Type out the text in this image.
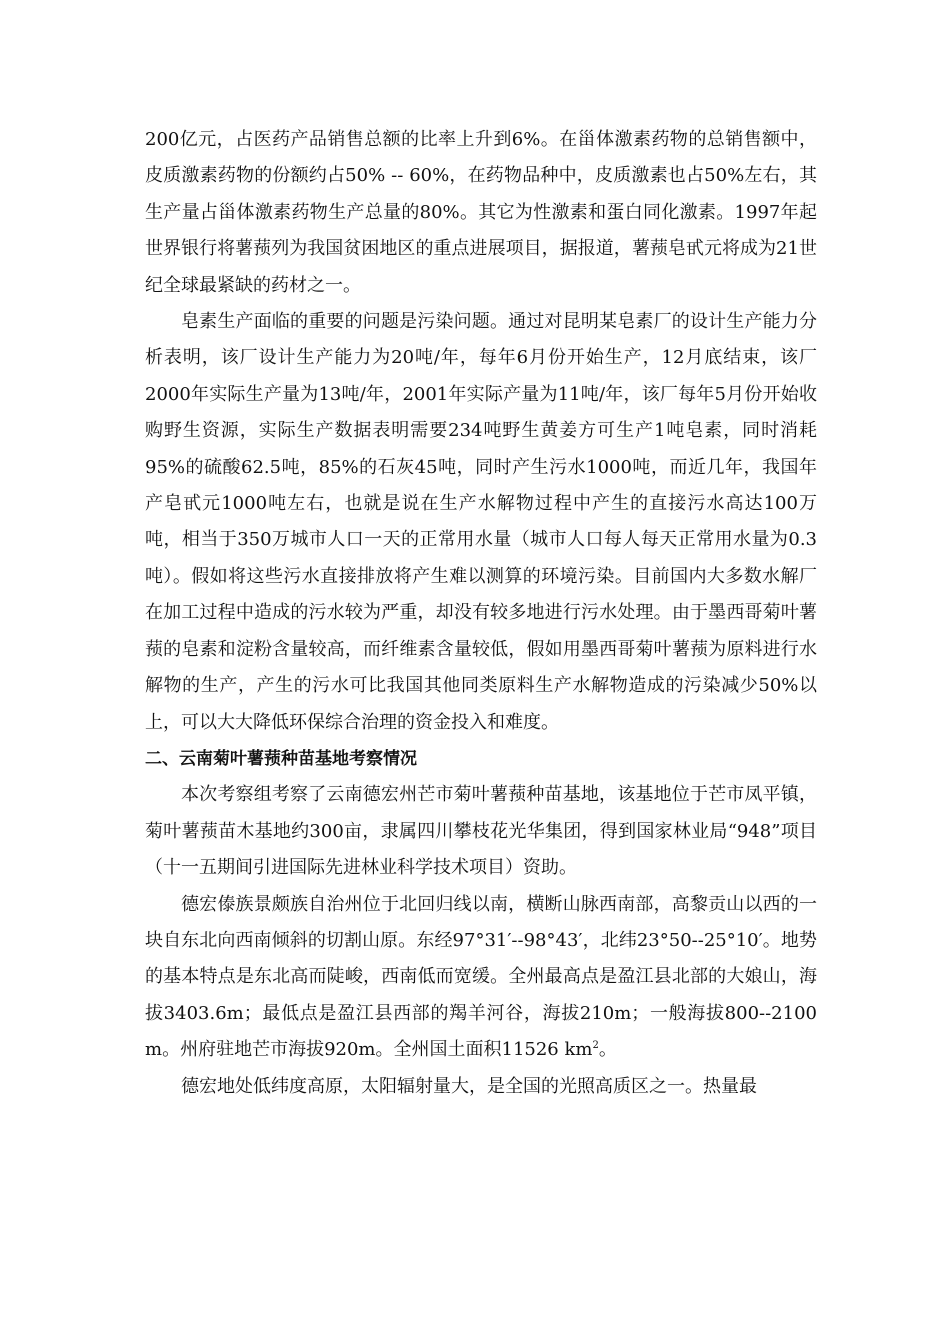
200亿元，占医药产品销售总额的比率上升到6%。在甾体激素药物的总销售额中，皮质激素药物的份额约占50% -- 60%，在药物品种中，皮质激素也占50%左右，其生产量占甾体激素药物生产总量的80%。其它为性激素和蛋白同化激素。1997年起世界银行将薯蓣列为我国贫困地区的重点进展项目，据报道，薯蓣皂甙元将成为21世纪全球最紧缺的药材之一。

皂素生产面临的重要的问题是污染问题。通过对昆明某皂素厂的设计生产能力分析表明，该厂设计生产能力为20吨/年，每年6月份开始生产，12月底结束，该厂2000年实际生产量为13吨/年，2001年实际产量为11吨/年，该厂每年5月份开始收购野生资源，实际生产数据表明需要234吨野生黄姜方可生产1吨皂素，同时消耗95%的硫酸62.5吨，85%的石灰45吨，同时产生污水1000吨，而近几年，我国年产皂甙元1000吨左右，也就是说在生产水解物过程中产生的直接污水高达100万吨，相当于350万城市人口一天的正常用水量（城市人口每人每天正常用水量为0.3吨）。假如将这些污水直接排放将产生难以测算的环境污染。目前国内大多数水解厂在加工过程中造成的污水较为严重，却没有较多地进行污水处理。由于墨西哥菊叶薯蓣的皂素和淀粉含量较高，而纤维素含量较低，假如用墨西哥菊叶薯蓣为原料进行水解物的生产，产生的污水可比我国其他同类原料生产水解物造成的污染减少50%以上，可以大大降低环保综合治理的资金投入和难度。

二、云南菊叶薯蓣种苗基地考察情况

本次考察组考察了云南德宏州芒市菊叶薯蓣种苗基地，该基地位于芒市凤平镇，菊叶薯蓣苗木基地约300亩，隶属四川攀枝花光华集团，得到国家林业局“948”项目（十一五期间引进国际先进林业科学技术项目）资助。

德宏傣族景颇族自治州位于北回归线以南，横断山脉西南部，高黎贡山以西的一块自东北向西南倾斜的切割山原。东经97°31′--98°43′，北纬23°50--25°10′。地势的基本特点是东北高而陡峻，西南低而宽缓。全州最高点是盈江县北部的大娘山，海拔3403.6m；最低点是盈江县西部的羯羊河谷，海拔210m；一般海拔800--2100 m。州府驻地芒市海拔920m。全州国土面积11526 $km^2$。

德宏地处低纬度高原，太阳辐射量大，是全国的光照高质区之一。热量最
